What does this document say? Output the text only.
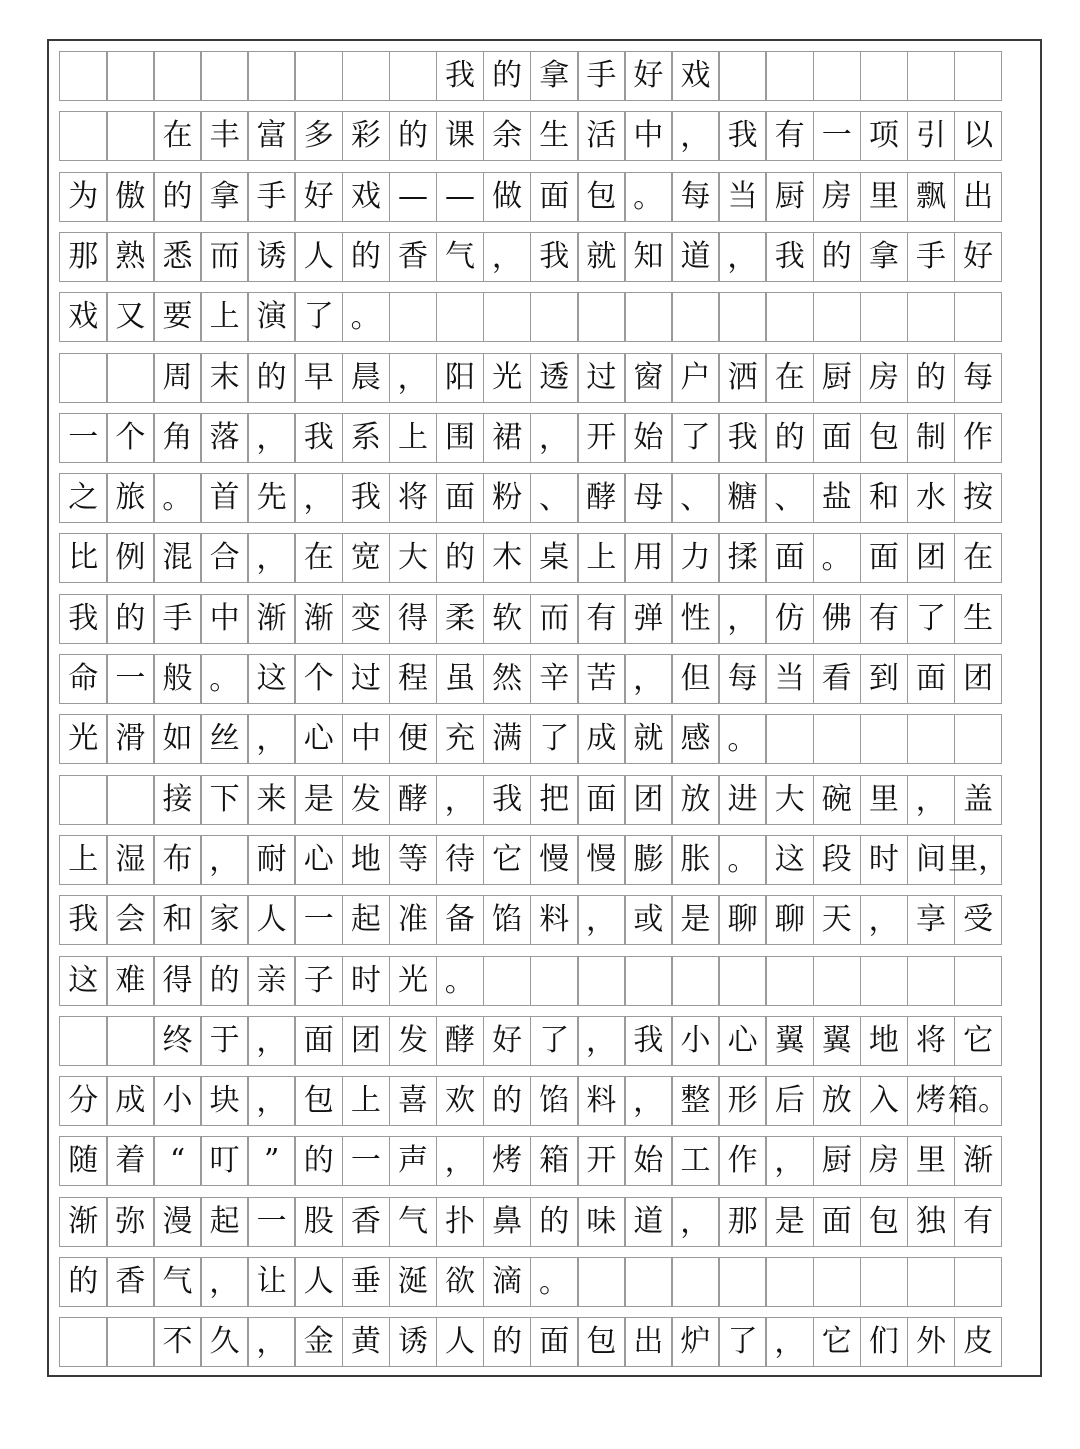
我 的 拿 手 好 戏
在 丰 富 多 彩 的 课 余 生 活 中 ， 我 有 一 项 引 以
为 傲 的 拿 手 好 戏 — — 做 面 包 。 每 当 厨 房 里 飘 出
那 熟 悉 而 诱 人 的 香 气 ， 我 就 知 道 ， 我 的 拿 手 好
戏 又 要 上 演 了 。
周 末 的 早 晨 ， 阳 光 透 过 窗 户 洒 在 厨 房 的 每
一 个 角 落 ， 我 系 上 围 裙 ， 开 始 了 我 的 面 包 制 作
之 旅 。 首 先 ， 我 将 面 粉 、 酵 母 、 糖 、 盐 和 水 按
比 例 混 合 ， 在 宽 大 的 木 桌 上 用 力 揉 面 。 面 团 在
我 的 手 中 渐 渐 变 得 柔 软 而 有 弹 性 ， 仿 佛 有 了 生
命 一 般 。 这 个 过 程 虽 然 辛 苦 ， 但 每 当 看 到 面 团
光 滑 如 丝 ， 心 中 便 充 满 了 成 就 感 。
接 下 来 是 发 酵 ， 我 把 面 团 放 进 大 碗 里 ， 盖
上 湿 布 ， 耐 心 地 等 待 它 慢 慢 膨 胀 。 这 段 时 间 里，
我 会 和 家 人 一 起 准 备 馅 料 ， 或 是 聊 聊 天 ， 享 受
这 难 得 的 亲 子 时 光 。
终 于 ， 面 团 发 酵 好 了 ， 我 小 心 翼 翼 地 将 它
分 成 小 块 ， 包 上 喜 欢 的 馅 料 ， 整 形 后 放 入 烤 箱。
随 着 “ 叮 ” 的 一 声 ， 烤 箱 开 始 工 作 ， 厨 房 里 渐
渐 弥 漫 起 一 股 香 气 扑 鼻 的 味 道 ， 那 是 面 包 独 有
的 香 气 ， 让 人 垂 涎 欲 滴 。
不 久 ， 金 黄 诱 人 的 面 包 出 炉 了 ， 它 们 外 皮
